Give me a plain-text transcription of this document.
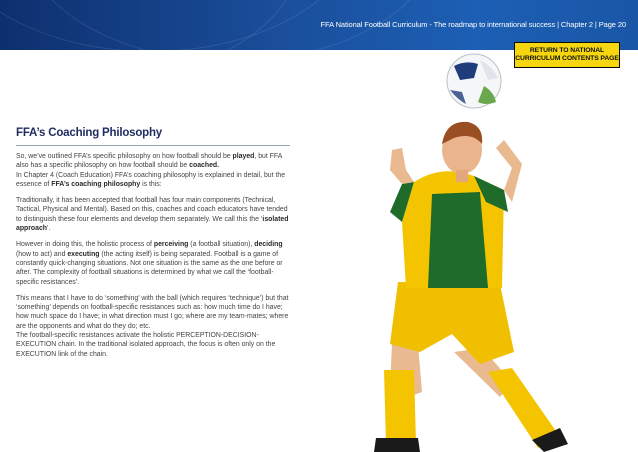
FFA National Football Curriculum - The roadmap to international success | Chapter 2 | Page 20
RETURN TO NATIONAL
CURRICULUM CONTENTS PAGE
FFA’s Coaching Philosophy

So, we’ve outlined FFA’s specific philosophy on how football should be played, but FFA also has a specific philosophy on how football should be coached.
In Chapter 4 (Coach Education) FFA’s coaching philosophy is explained in detail, but the essence of FFA’s coaching philosophy is this:

Traditionally, it has been accepted that football has four main components (Technical, Tactical, Physical and Mental). Based on this, coaches and coach educators have tended to distinguish these four elements and develop them separately. We call this the ‘isolated approach’.

However in doing this, the holistic process of perceiving (a football situation), deciding (how to act) and executing (the acting itself) is being separated. Football is a game of constantly quick-changing situations. Not one situation is the same as the one before or after. The complexity of football situations is determined by what we call the ‘football-specific resistances’.

This means that I have to do ‘something’ with the ball (which requires ‘technique’) but that ‘something’ depends on football-specific resistances such as: how much time do I have; how much space do I have; in what direction must I go; where are my team-mates; where are the opponents and what do they do; etc.
The football-specific resistances activate the holistic PERCEPTION-DECISION-EXECUTION chain. In the traditional isolated approach, the focus is often only on the EXECUTION link of the chain.
